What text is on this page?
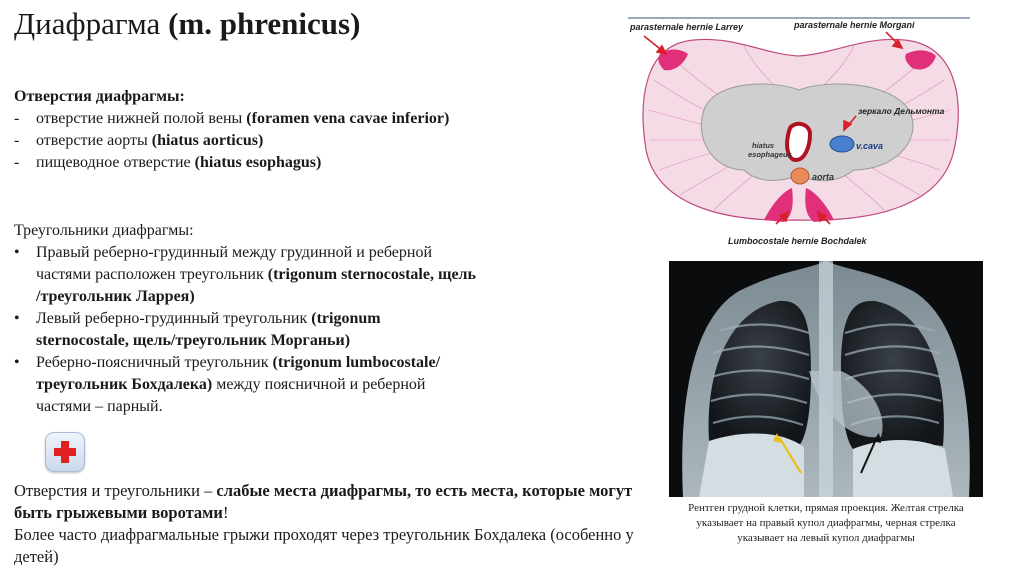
Диафрагма (m. phrenicus)
Отверстия диафрагмы:
-	отверстие нижней полой вены (foramen vena cavae inferior)
-	отверстие аорты (hiatus aorticus)
-	пищеводное отверстие (hiatus esophagus)
Треугольники диафрагмы:
•	Правый реберно-грудинный между грудинной и реберной частями расположен треугольник (trigonum sternocostale, щель /треугольник Ларрея)
•	Левый реберно-грудинный треугольник (trigonum sternocostale, щель/треугольник Морганьи)
•	Реберно-поясничный треугольник (trigonum lumbocostale/треугольник Бохдалека) между поясничной и реберной частями – парный.
Отверстия и треугольники – слабые места диафрагмы, то есть места, которые могут быть грыжевыми воротами!
Более часто диафрагмальные грыжи проходят через треугольник Бохдалека (особенно у детей)
parasternale hernie Larrey	parasternale hernie Morgani
v.cava
зеркало Дельмонта
hiatus
esophageus
aorta
Lumbocostale hernie Bochdalek
Рентген грудной клетки, прямая проекция. Желтая стрелка указывает на правый купол диафрагмы, черная стрелка указывает на левый купол диафрагмы
